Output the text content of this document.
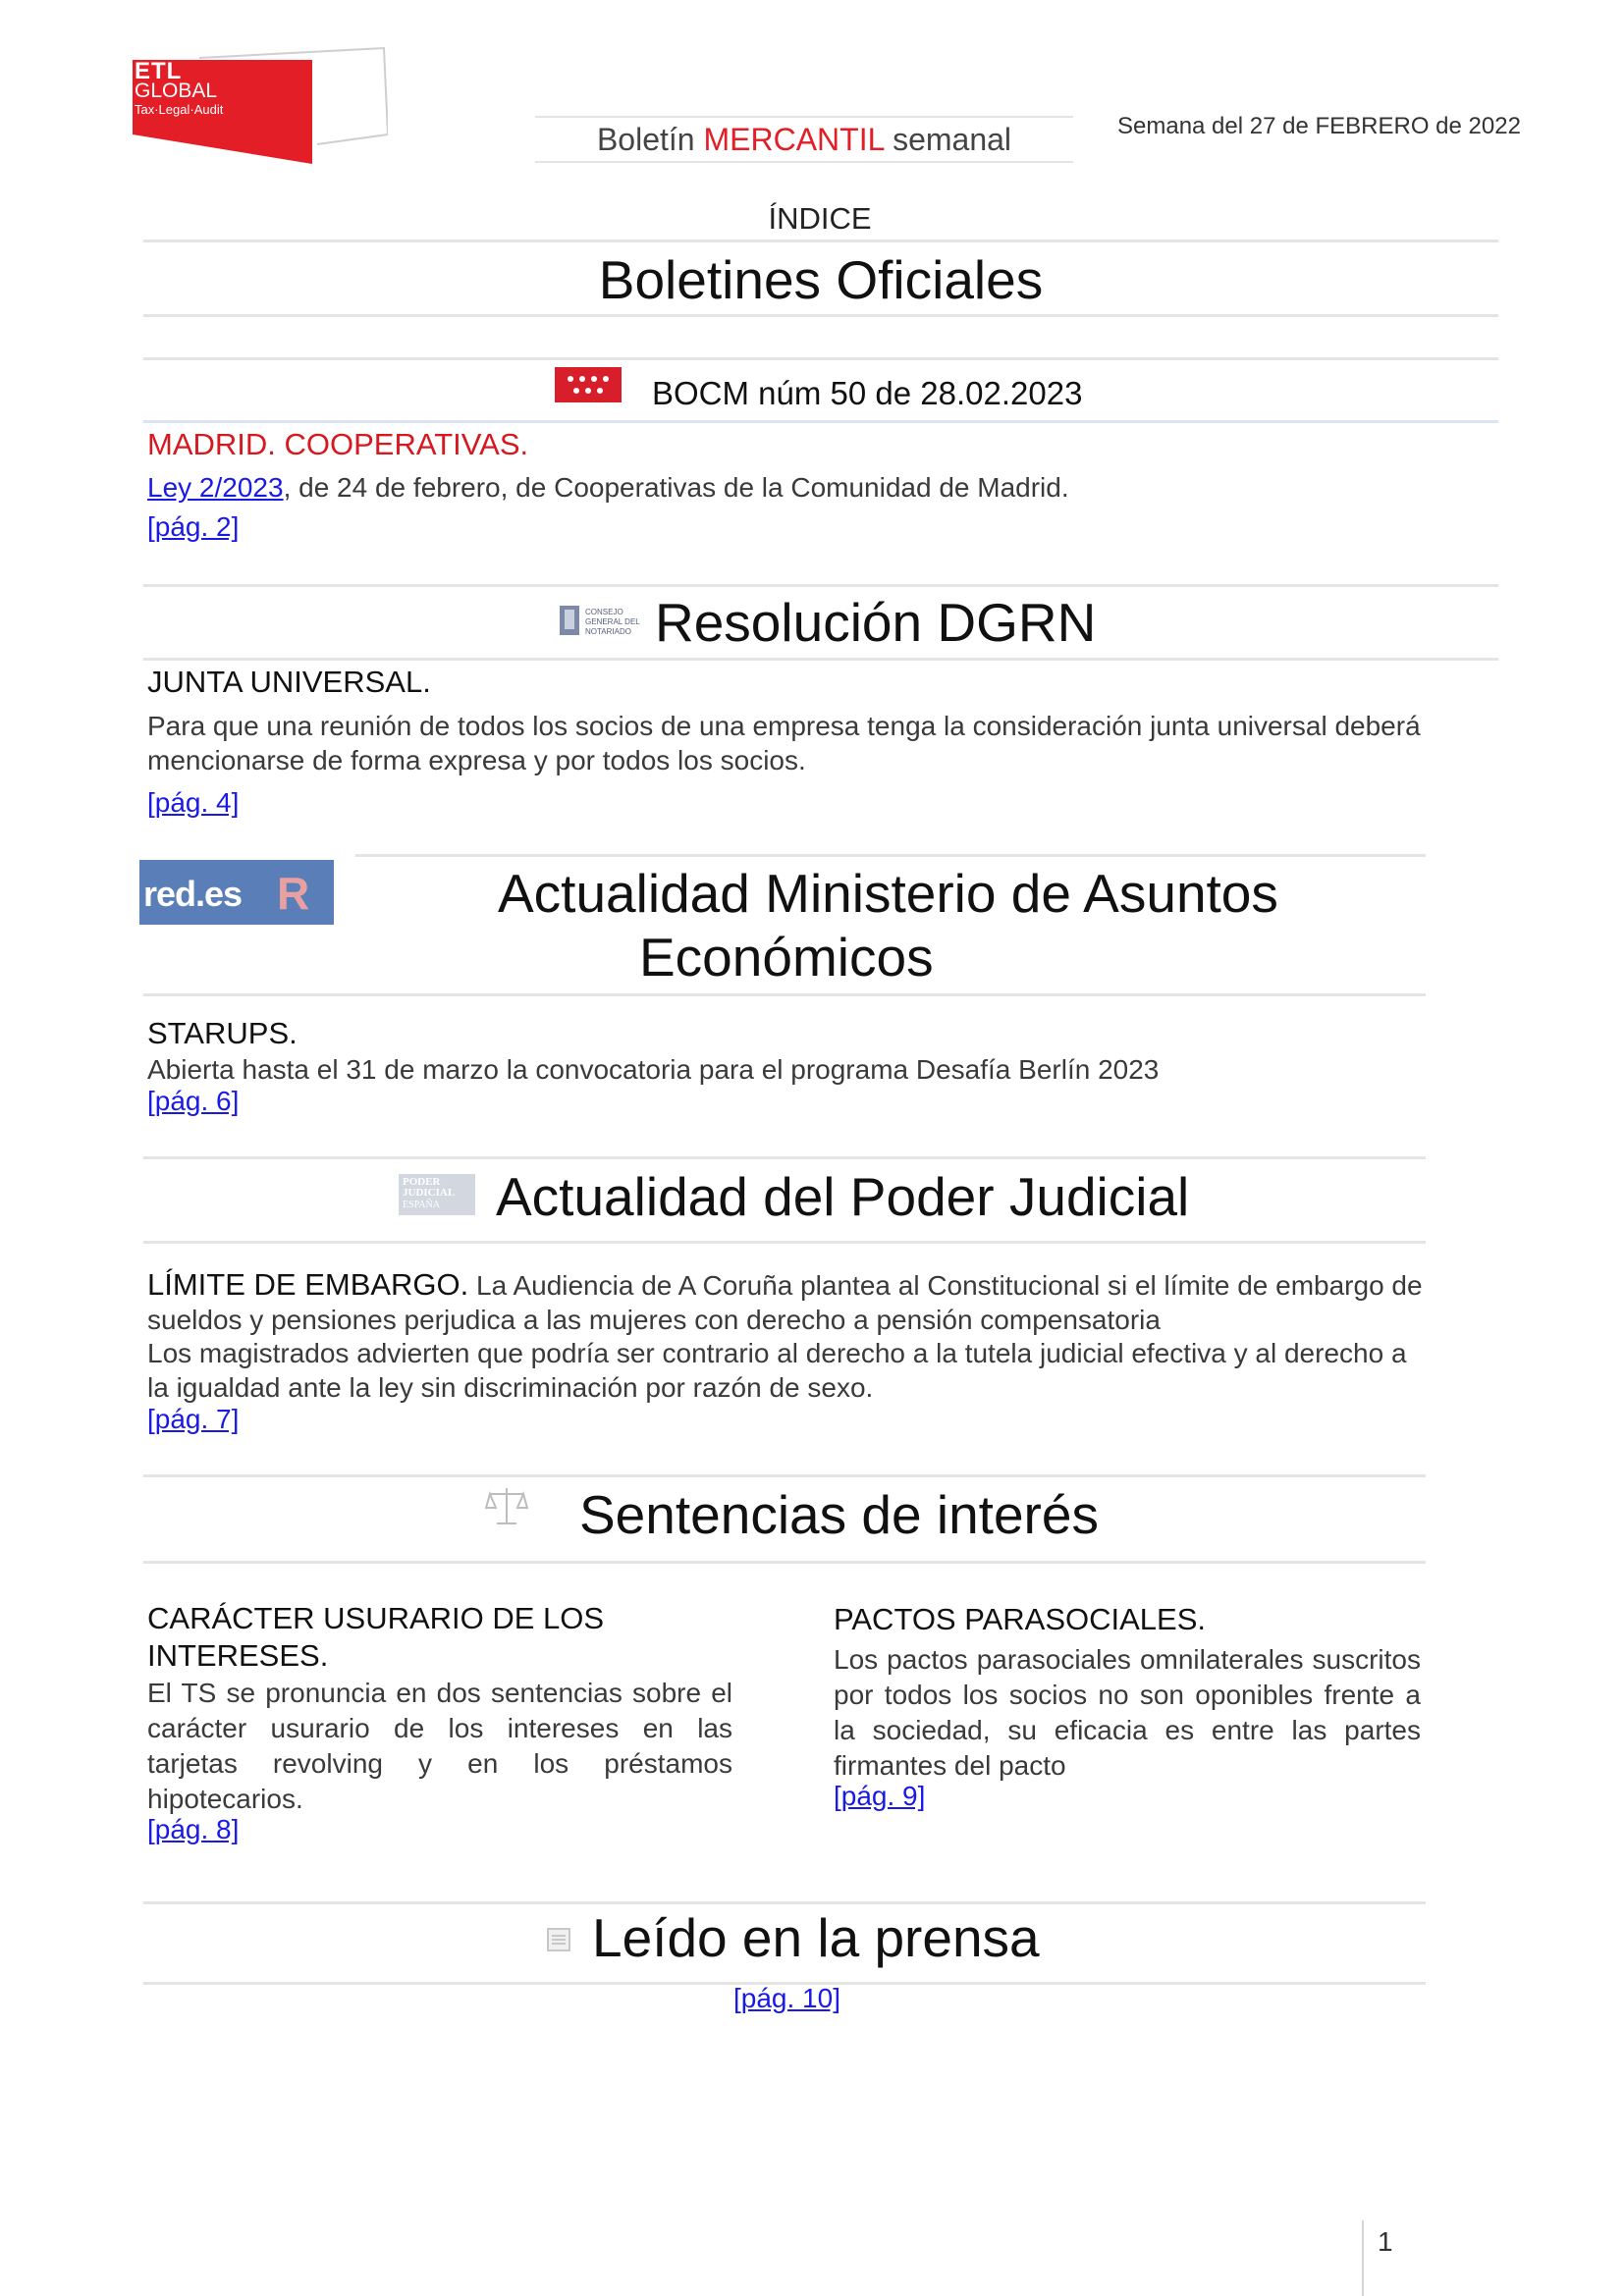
ETL
GLOBAL
Tax·Legal·Audit
Boletín MERCANTIL semanal	Semana del 27 de FEBRERO de 2022
ÍNDICE
Boletines Oficiales
BOCM núm 50 de 28.02.2023
MADRID. COOPERATIVAS.
Ley 2/2023, de 24 de febrero, de Cooperativas de la Comunidad de Madrid.
[pág. 2]
CONSEJO GENERAL DEL NOTARIADO Resolución DGRN
JUNTA UNIVERSAL.
Para que una reunión de todos los socios de una empresa tenga la consideración junta universal deberá mencionarse de forma expresa y por todos los socios.
[pág. 4]
red.es R	Actualidad Ministerio de Asuntos
Económicos
STARUPS.
Abierta hasta el 31 de marzo la convocatoria para el programa Desafía Berlín 2023
[pág. 6]
PODER
JUDICIAL
ESPAÑA Actualidad del Poder Judicial
LÍMITE DE EMBARGO. La Audiencia de A Coruña plantea al Constitucional si el límite de embargo de sueldos y pensiones perjudica a las mujeres con derecho a pensión compensatoria
Los magistrados advierten que podría ser contrario al derecho a la tutela judicial efectiva y al derecho a la igualdad ante la ley sin discriminación por razón de sexo.
[pág. 7]
Sentencias de interés
CARÁCTER USURARIO DE LOS INTERESES.
El TS se pronuncia en dos sentencias sobre el carácter usurario de los intereses en las tarjetas revolving y en los préstamos hipotecarios.
[pág. 8]
PACTOS PARASOCIALES.
Los pactos parasociales omnilaterales suscritos por todos los socios no son oponibles frente a la sociedad, su eficacia es entre las partes firmantes del pacto
[pág. 9]
Leído en la prensa
[pág. 10]
1
